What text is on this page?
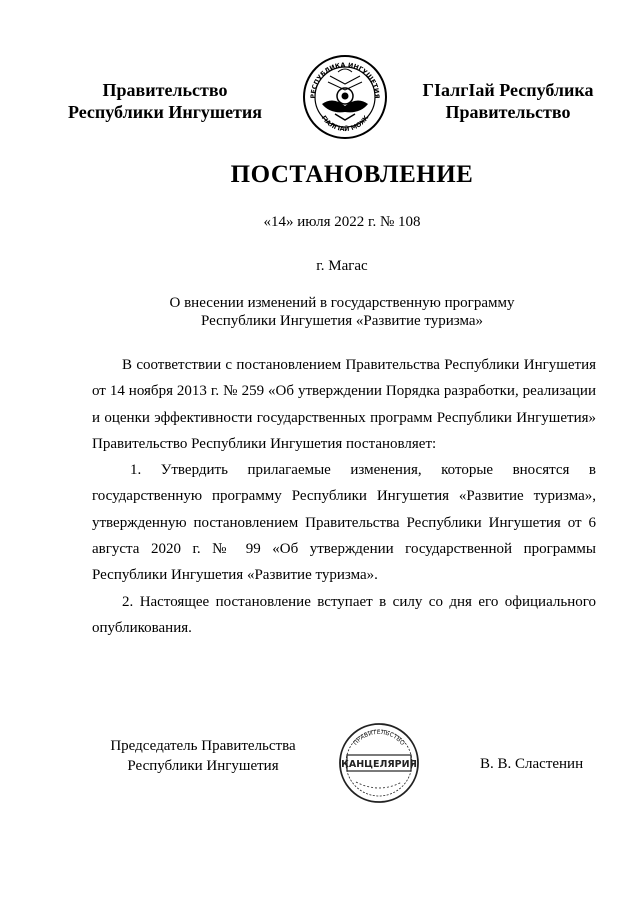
Правительство
Республики Ингушетия
РЕСПУБЛИКА ИНГУШЕТИЯ
ГIАЛГIАЙ МОХК
ГIалгIай Республика
Правительство
ПОСТАНОВЛЕНИЕ
«14» июля 2022 г. № 108
г. Магас
О внесении изменений в государственную программу
Республики Ингушетия «Развитие туризма»

В соответствии с постановлением Правительства Республики Ингушетия от 14 ноября 2013 г. № 259 «Об утверждении Порядка разработки, реализации и оценки эффективности государственных программ Республики Ингушетия» Правительство Республики Ингушетия постановляет:

1. Утвердить прилагаемые изменения, которые вносятся в государственную программу Республики Ингушетия «Развитие туризма», утвержденную постановлением Правительства Республики Ингушетия от 6 августа 2020 г. № 99 «Об утверждении государственной программы Республики Ингушетия «Развитие туризма».

2. Настоящее постановление вступает в силу со дня его официального опубликования.

Председатель Правительства
Республики Ингушетия
ПРАВИТЕЛЬСТВО
КАНЦЕЛЯРИЯ	В. В. Сластенин
